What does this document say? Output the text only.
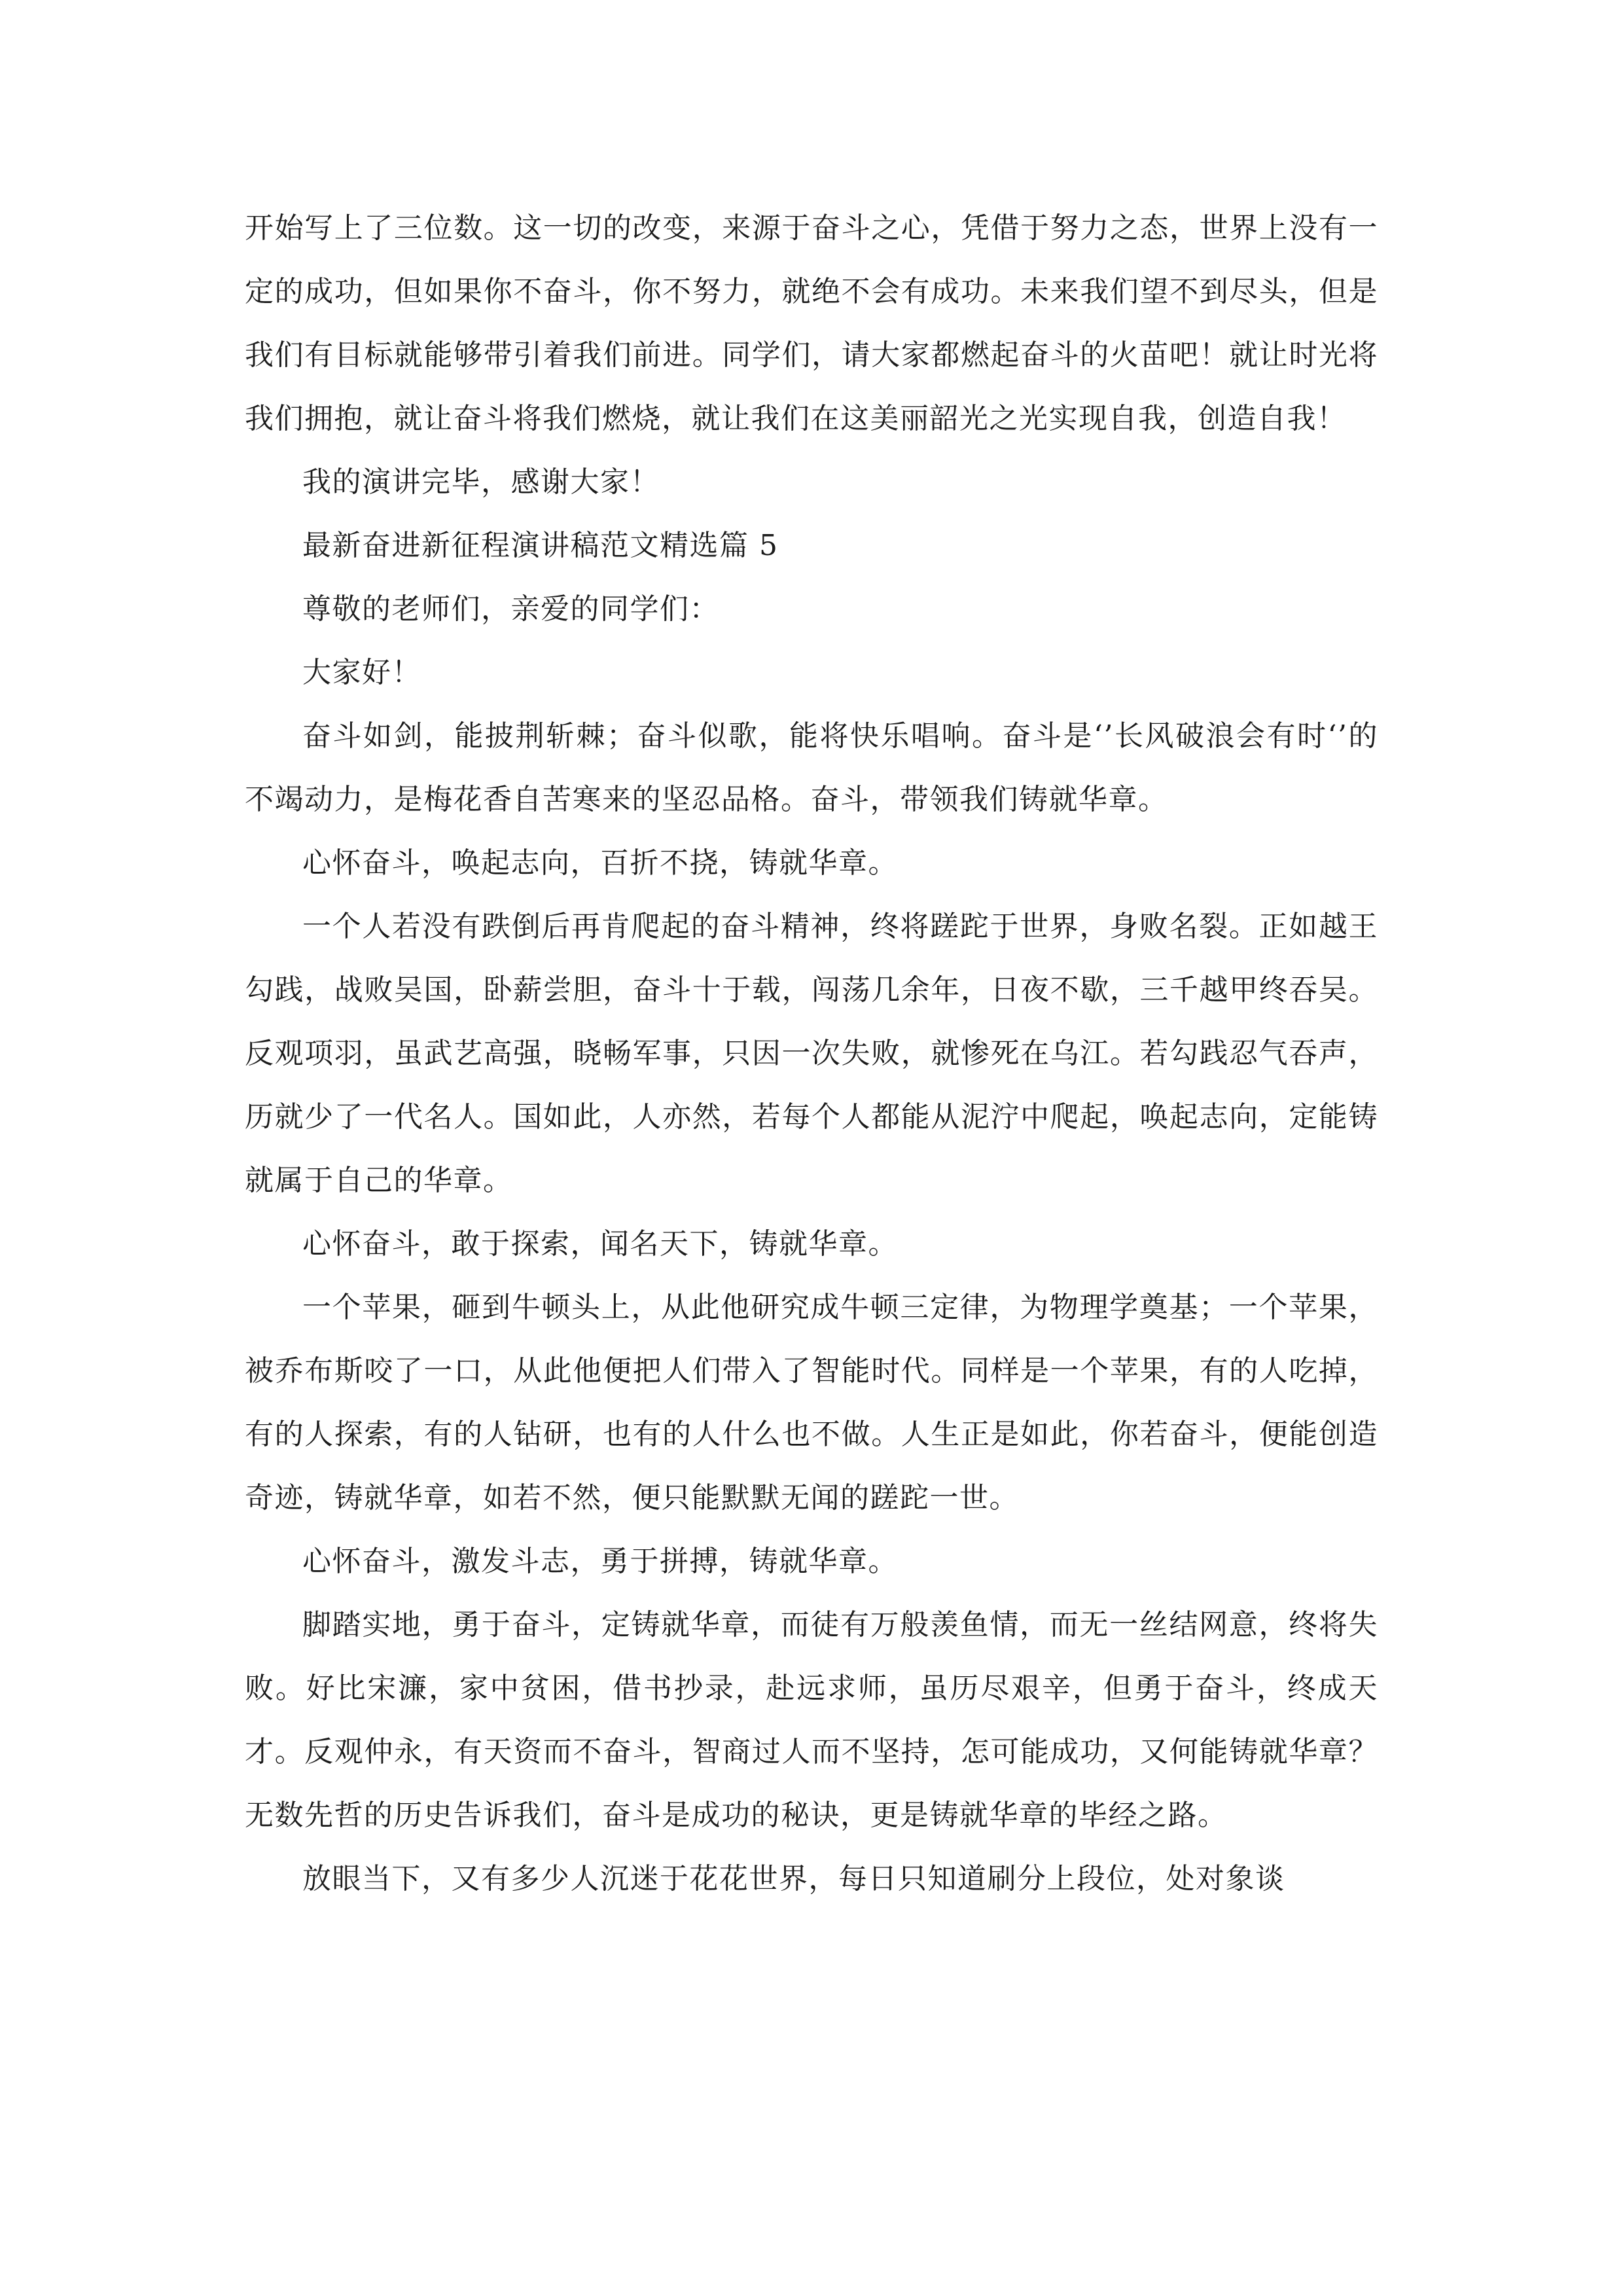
开始写上了三位数。这一切的改变，来源于奋斗之心，凭借于努力之态，世界上没有一定的成功，但如果你不奋斗，你不努力，就绝不会有成功。未来我们望不到尽头，但是我们有目标就能够带引着我们前进。同学们，请大家都燃起奋斗的火苗吧！就让时光将我们拥抱，就让奋斗将我们燃烧，就让我们在这美丽韶光之光实现自我，创造自我！

我的演讲完毕，感谢大家！

最新奋进新征程演讲稿范文精选篇 5

尊敬的老师们，亲爱的同学们：

大家好！

奋斗如剑，能披荆斩棘；奋斗似歌，能将快乐唱响。奋斗是‘’长风破浪会有时‘’的不竭动力，是梅花香自苦寒来的坚忍品格。奋斗，带领我们铸就华章。

心怀奋斗，唤起志向，百折不挠，铸就华章。

一个人若没有跌倒后再肯爬起的奋斗精神，终将蹉跎于世界，身败名裂。正如越王勾践，战败吴国，卧薪尝胆，奋斗十于载，闯荡几余年，日夜不歇，三千越甲终吞吴。反观项羽，虽武艺高强，晓畅军事，只因一次失败，就惨死在乌江。若勾践忍气吞声，历就少了一代名人。国如此，人亦然，若每个人都能从泥泞中爬起，唤起志向，定能铸就属于自己的华章。

心怀奋斗，敢于探索，闻名天下，铸就华章。

一个苹果，砸到牛顿头上，从此他研究成牛顿三定律，为物理学奠基；一个苹果，被乔布斯咬了一口，从此他便把人们带入了智能时代。同样是一个苹果，有的人吃掉，有的人探索，有的人钻研，也有的人什么也不做。人生正是如此，你若奋斗，便能创造奇迹，铸就华章，如若不然，便只能默默无闻的蹉跎一世。

心怀奋斗，激发斗志，勇于拼搏，铸就华章。

脚踏实地，勇于奋斗，定铸就华章，而徒有万般羡鱼情，而无一丝结网意，终将失败。好比宋濂，家中贫困，借书抄录，赴远求师，虽历尽艰辛，但勇于奋斗，终成天才。反观仲永，有天资而不奋斗，智商过人而不坚持，怎可能成功，又何能铸就华章？无数先哲的历史告诉我们，奋斗是成功的秘诀，更是铸就华章的毕经之路。

放眼当下，又有多少人沉迷于花花世界，每日只知道刷分上段位，处对象谈
